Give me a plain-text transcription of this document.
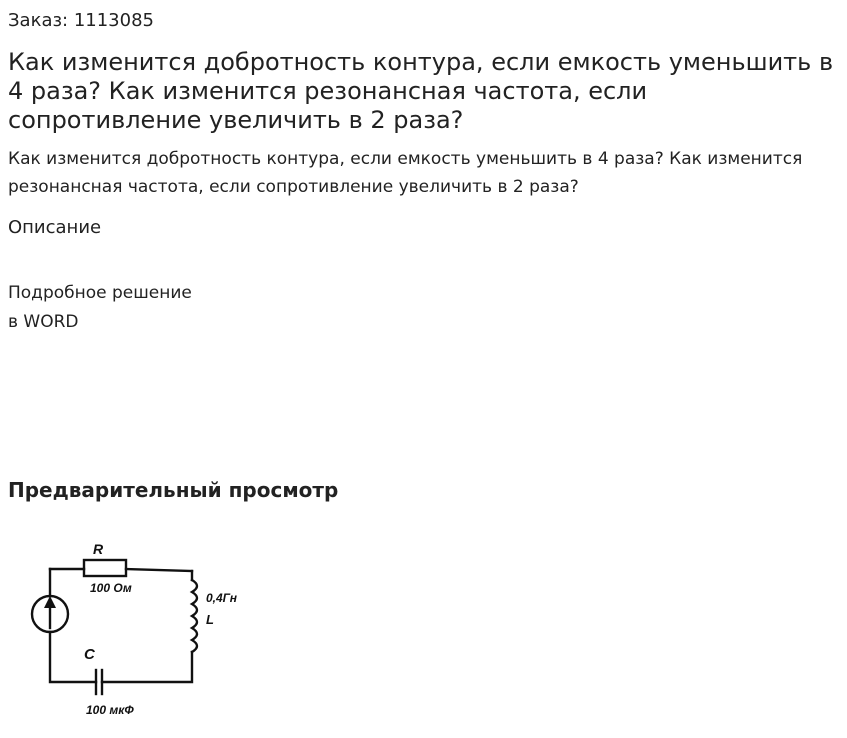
Заказ: 1113085
Как изменится добротность контура, если емкость уменьшить в 4 раза? Как изменится резонансная частота, если сопротивление увеличить в 2 раза?

Как изменится добротность контура, если емкость уменьшить в 4 раза? Как изменится резонансная частота, если сопротивление увеличить в 2 раза?

Описание
Подробное решение
в WORD
Предварительный просмотр
R
100 Ом
0,4Гн
L
C
100 мкФ
